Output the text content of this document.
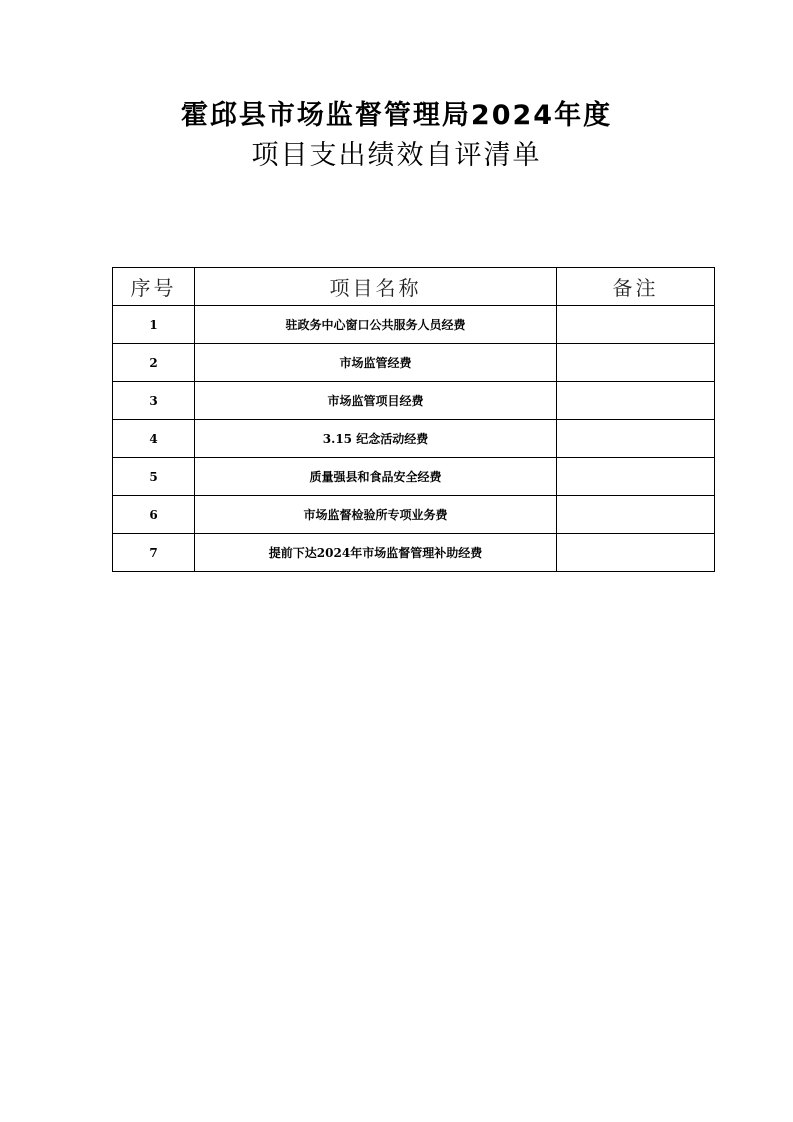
霍邱县市场监督管理局2024年度
项目支出绩效自评清单
序号	项目名称	备注
1	驻政务中心窗口公共服务人员经费	
2	市场监管经费	
3	市场监管项目经费	
4	3.15 纪念活动经费	
5	质量强县和食品安全经费	
6	市场监督检验所专项业务费	
7	提前下达2024年市场监督管理补助经费	
